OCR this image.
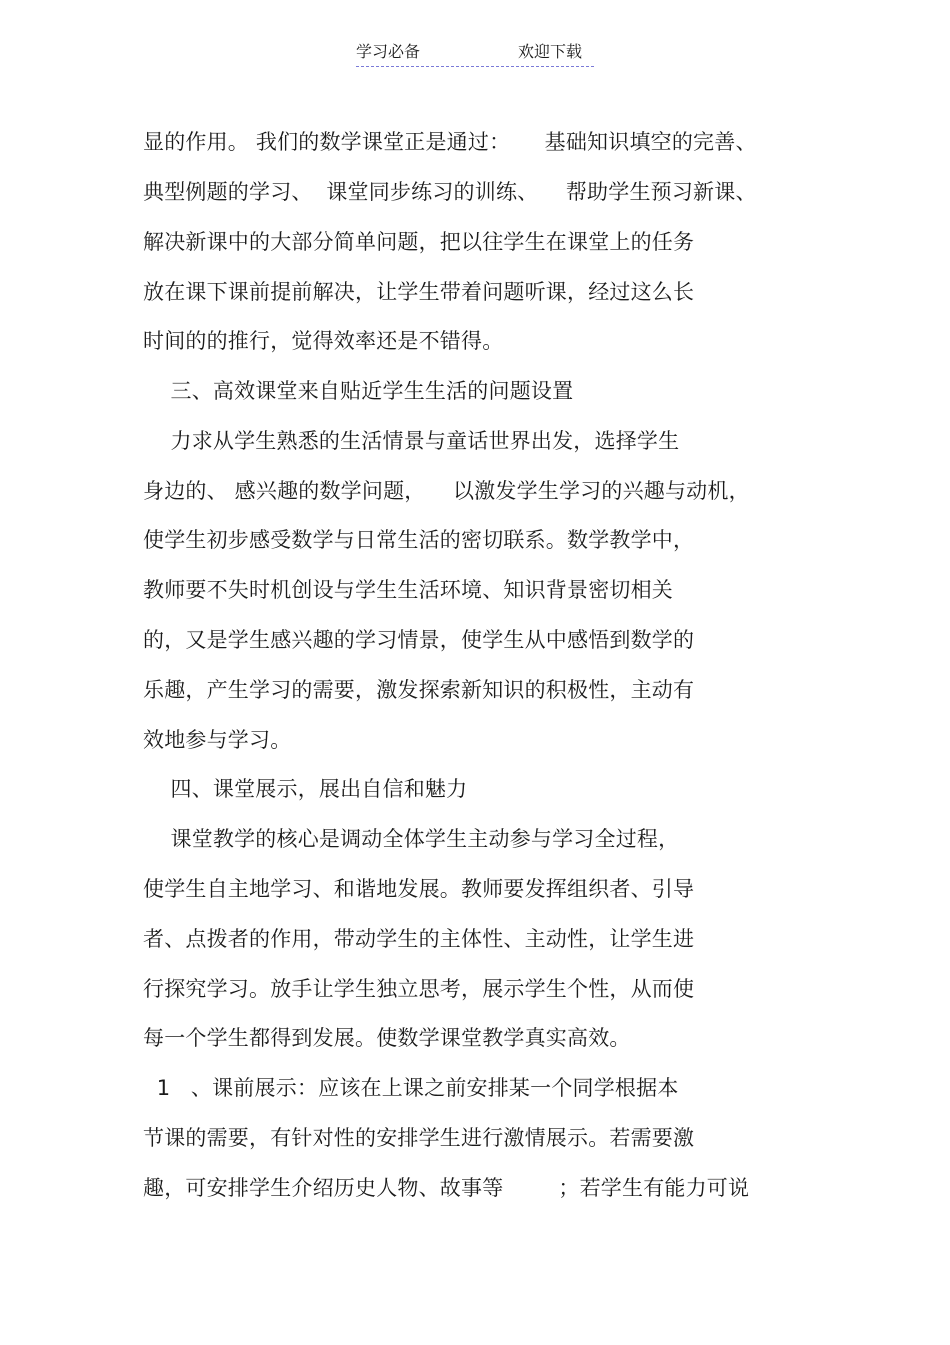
学习必备	欢迎下载
显的作用。 我们的数学课堂正是通过：     基础知识填空的完善、
典型例题的学习、  课堂同步练习的训练、    帮助学生预习新课、
解决新课中的大部分简单问题，把以往学生在课堂上的任务
放在课下课前提前解决，让学生带着问题听课，经过这么长
时间的的推行，觉得效率还是不错得。
三、高效课堂来自贴近学生生活的问题设置
力求从学生熟悉的生活情景与童话世界出发，选择学生
身边的、 感兴趣的数学问题，    以激发学生学习的兴趣与动机，
使学生初步感受数学与日常生活的密切联系。数学教学中，
教师要不失时机创设与学生生活环境、知识背景密切相关
的，又是学生感兴趣的学习情景，使学生从中感悟到数学的
乐趣，产生学习的需要，激发探索新知识的积极性，主动有
效地参与学习。
四、课堂展示，展出自信和魅力
课堂教学的核心是调动全体学生主动参与学习全过程，
使学生自主地学习、和谐地发展。教师要发挥组织者、引导
者、点拨者的作用，带动学生的主体性、主动性，让学生进
行探究学习。放手让学生独立思考，展示学生个性，从而使
每一个学生都得到发展。使数学课堂教学真实高效。
1   、课前展示：应该在上课之前安排某一个同学根据本
节课的需要，有针对性的安排学生进行激情展示。若需要激
趣，可安排学生介绍历史人物、故事等        ；若学生有能力可说
